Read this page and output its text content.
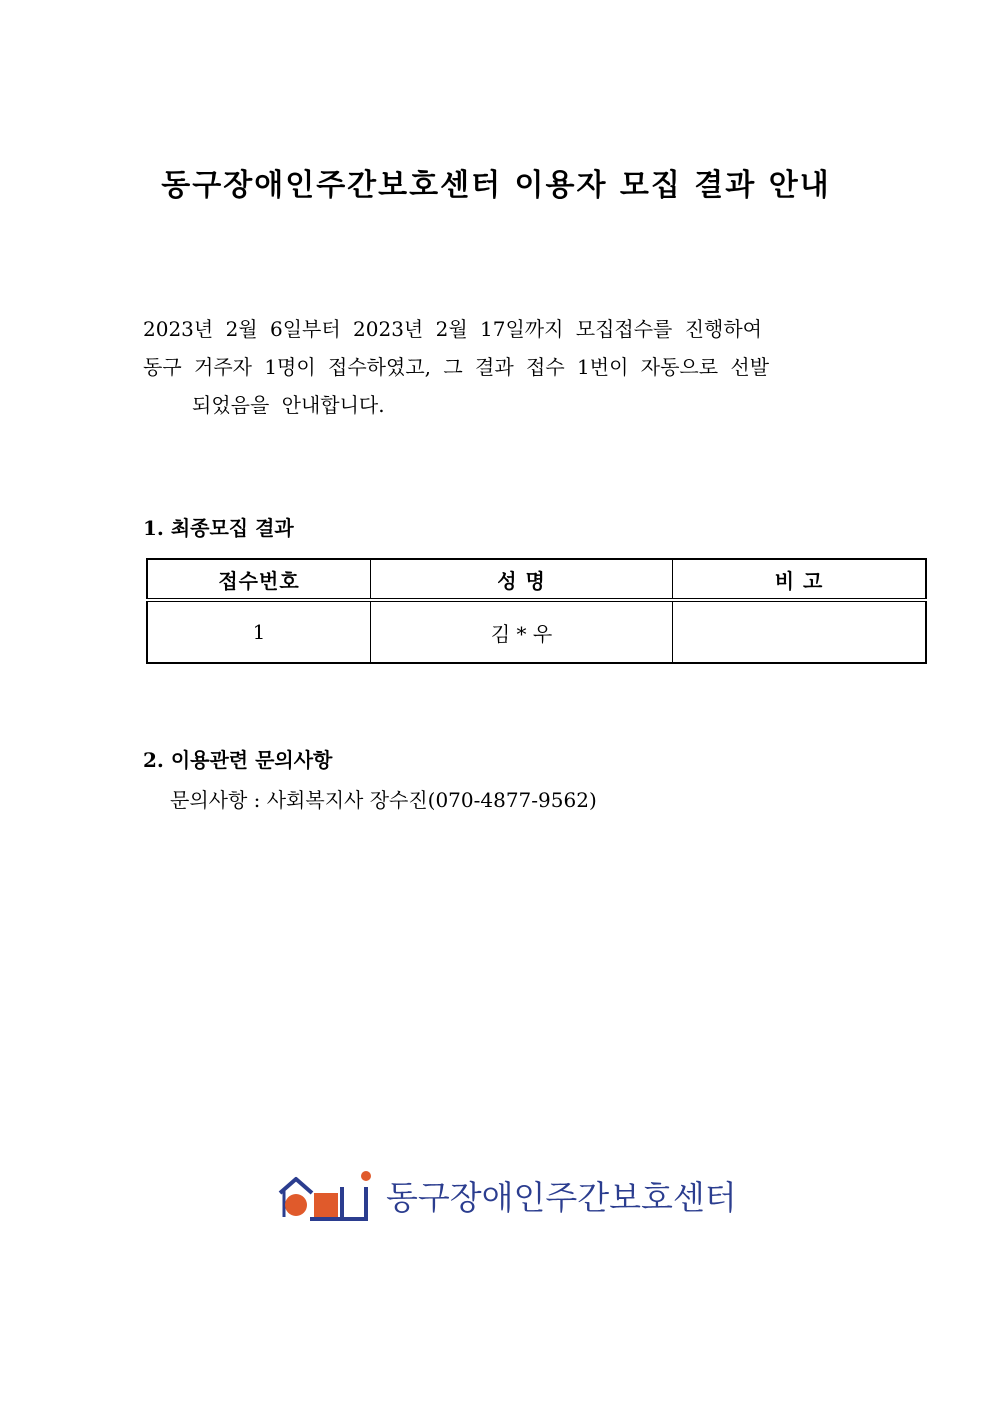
동구장애인주간보호센터 이용자 모집 결과 안내
2023년 2월 6일부터 2023년 2월 17일까지 모집접수를 진행하여
동구 거주자 1명이 접수하였고, 그 결과 접수 1번이 자동으로 선발
되었음을 안내합니다.
1. 최종모집 결과
접수번호	성 명	비 고
1	김 * 우	
2. 이용관련 문의사항
문의사항 : 사회복지사 장수진(070-4877-9562)
동구장애인주간보호센터
